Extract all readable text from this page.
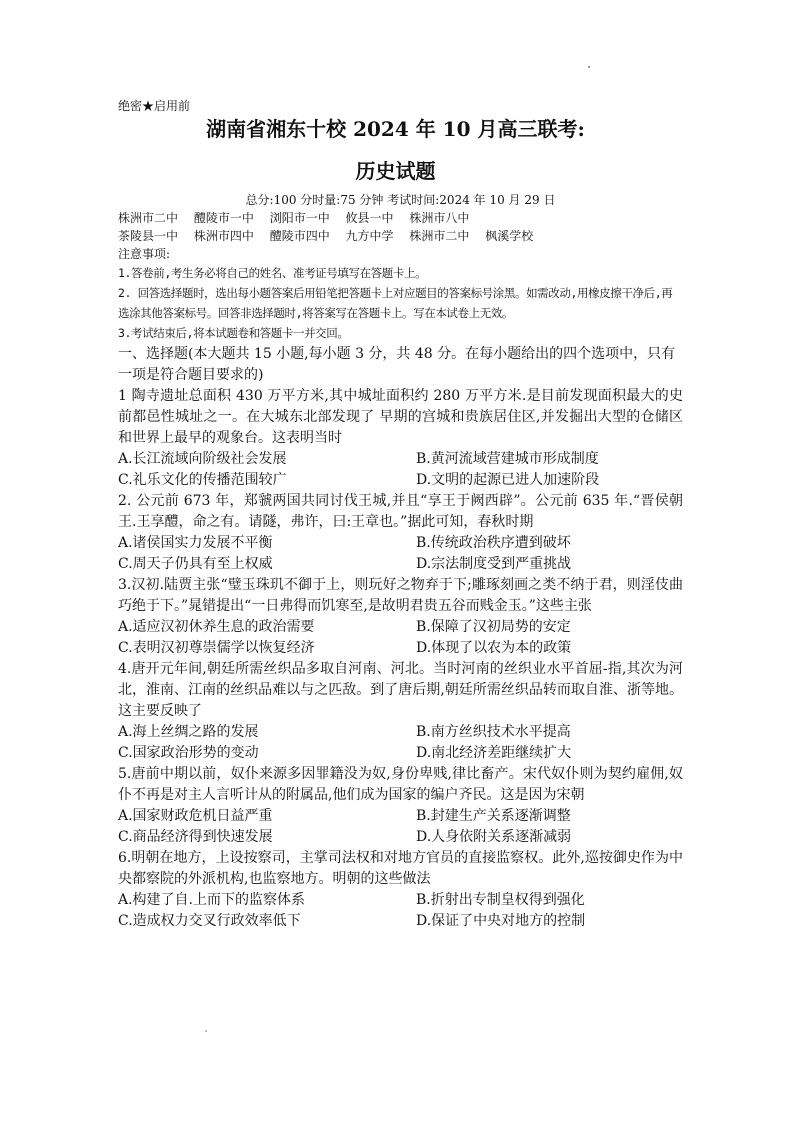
绝密★启用前
湖南省湘东十校 2024 年 10 月高三联考:
历史试题
总分:100 分时量:75 分钟 考试时间:2024 年 10 月 29 日
株洲市二中 醴陵市一中 浏阳市一中 攸县一中 株洲市八中
茶陵县一中 株洲市四中 醴陵市四中 九方中学 株洲市二中 枫溪学校
注意事项:
1.答卷前,考生务必将自己的姓名、准考证号填写在答题卡上。
2. 回答选择题时，选出每小题答案后用铅笔把答题卡上对应题目的答案标号涂黑。如需改动,用橡皮擦干净后,再选涂其他答案标号。回答非选择题时,将答案写在答题卡上。写在本试卷上无效。
3.考试结束后,将本试题卷和答题卡一并交回。
一、选择题(本大题共 15 小题,每小题 3 分，共 48 分。在每小题给出的四个选项中，只有一项是符合题目要求的)
1 陶寺遗址总面积 430 万平方米,其中城址面积约 280 万平方米.是目前发现面积最大的史前都邑性城址之一。在大城东北部发现了 早期的宫城和贵族居住区,并发掘出大型的仓储区和世界上最早的观象台。这表明当时
A.长江流域向阶级社会发展	B.黄河流域营建城市形成制度
C.礼乐文化的传播范围较广	D.文明的起源已进人加速阶段
2. 公元前 673 年，郑虢两国共同讨伐王城,并且“享王于阙西辟”。公元前 635 年.“晋侯朝王.王享醴，命之有。请隧，弗许，曰:王章也。”据此可知，春秋时期
A.诸侯国实力发展不平衡	B.传统政治秩序遭到破坏
C.周天子仍具有至上权威	D.宗法制度受到严重挑战
3.汉初.陆贾主张“璧玉珠玑不御于上，则玩好之物弃于下;雕琢刻画之类不纳于君，则淫伎曲巧绝于下。”晁错提出“一日弗得而饥寒至,是故明君贵五谷而贱金玉。”这些主张
A.适应汉初休养生息的政治需要	B.保障了汉初局势的安定
C.表明汉初尊崇儒学以恢复经济	D.体现了以农为本的政策
4.唐开元年间,朝廷所需丝织品多取自河南、河北。当时河南的丝织业水平首屈-指,其次为河北，淮南、江南的丝织品难以与之匹敌。到了唐后期,朝廷所需丝织品转而取自淮、浙等地。这主要反映了
A.海上丝绸之路的发展	B.南方丝织技术水平提高
C.国家政治形势的变动	D.南北经济差距继续扩大
5.唐前中期以前，奴仆来源多因罪籍没为奴,身份卑贱,律比畜产。宋代奴仆则为契约雇佣,奴仆不再是对主人言听计从的附属品,他们成为国家的编户齐民。这是因为宋朝
A.国家财政危机日益严重	B.封建生产关系逐渐调整
C.商品经济得到快速发展	D.人身依附关系逐渐减弱
6.明朝在地方，上设按察司，主掌司法权和对地方官员的直接监察权。此外,巡按御史作为中央都察院的外派机构,也监察地方。明朝的这些做法
A.构建了自.上而下的监察体系	B.折射出专制皇权得到强化
C.造成权力交叉行政效率低下	D.保证了中央对地方的控制
